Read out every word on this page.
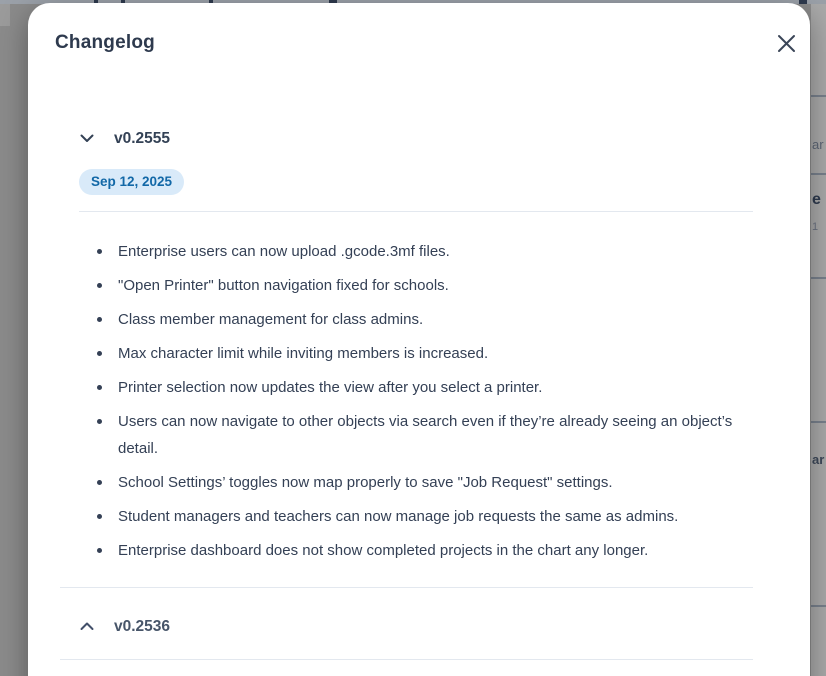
ar
e
1
ar
Changelog
v0.2555
Sep 12, 2025
Enterprise users can now upload .gcode.3mf files.
"Open Printer" button navigation fixed for schools.
Class member management for class admins.
Max character limit while inviting members is increased.
Printer selection now updates the view after you select a printer.
Users can now navigate to other objects via search even if they’re already seeing an object’s detail.
School Settings’ toggles now map properly to save "Job Request" settings.
Student managers and teachers can now manage job requests the same as admins.
Enterprise dashboard does not show completed projects in the chart any longer.
v0.2536
